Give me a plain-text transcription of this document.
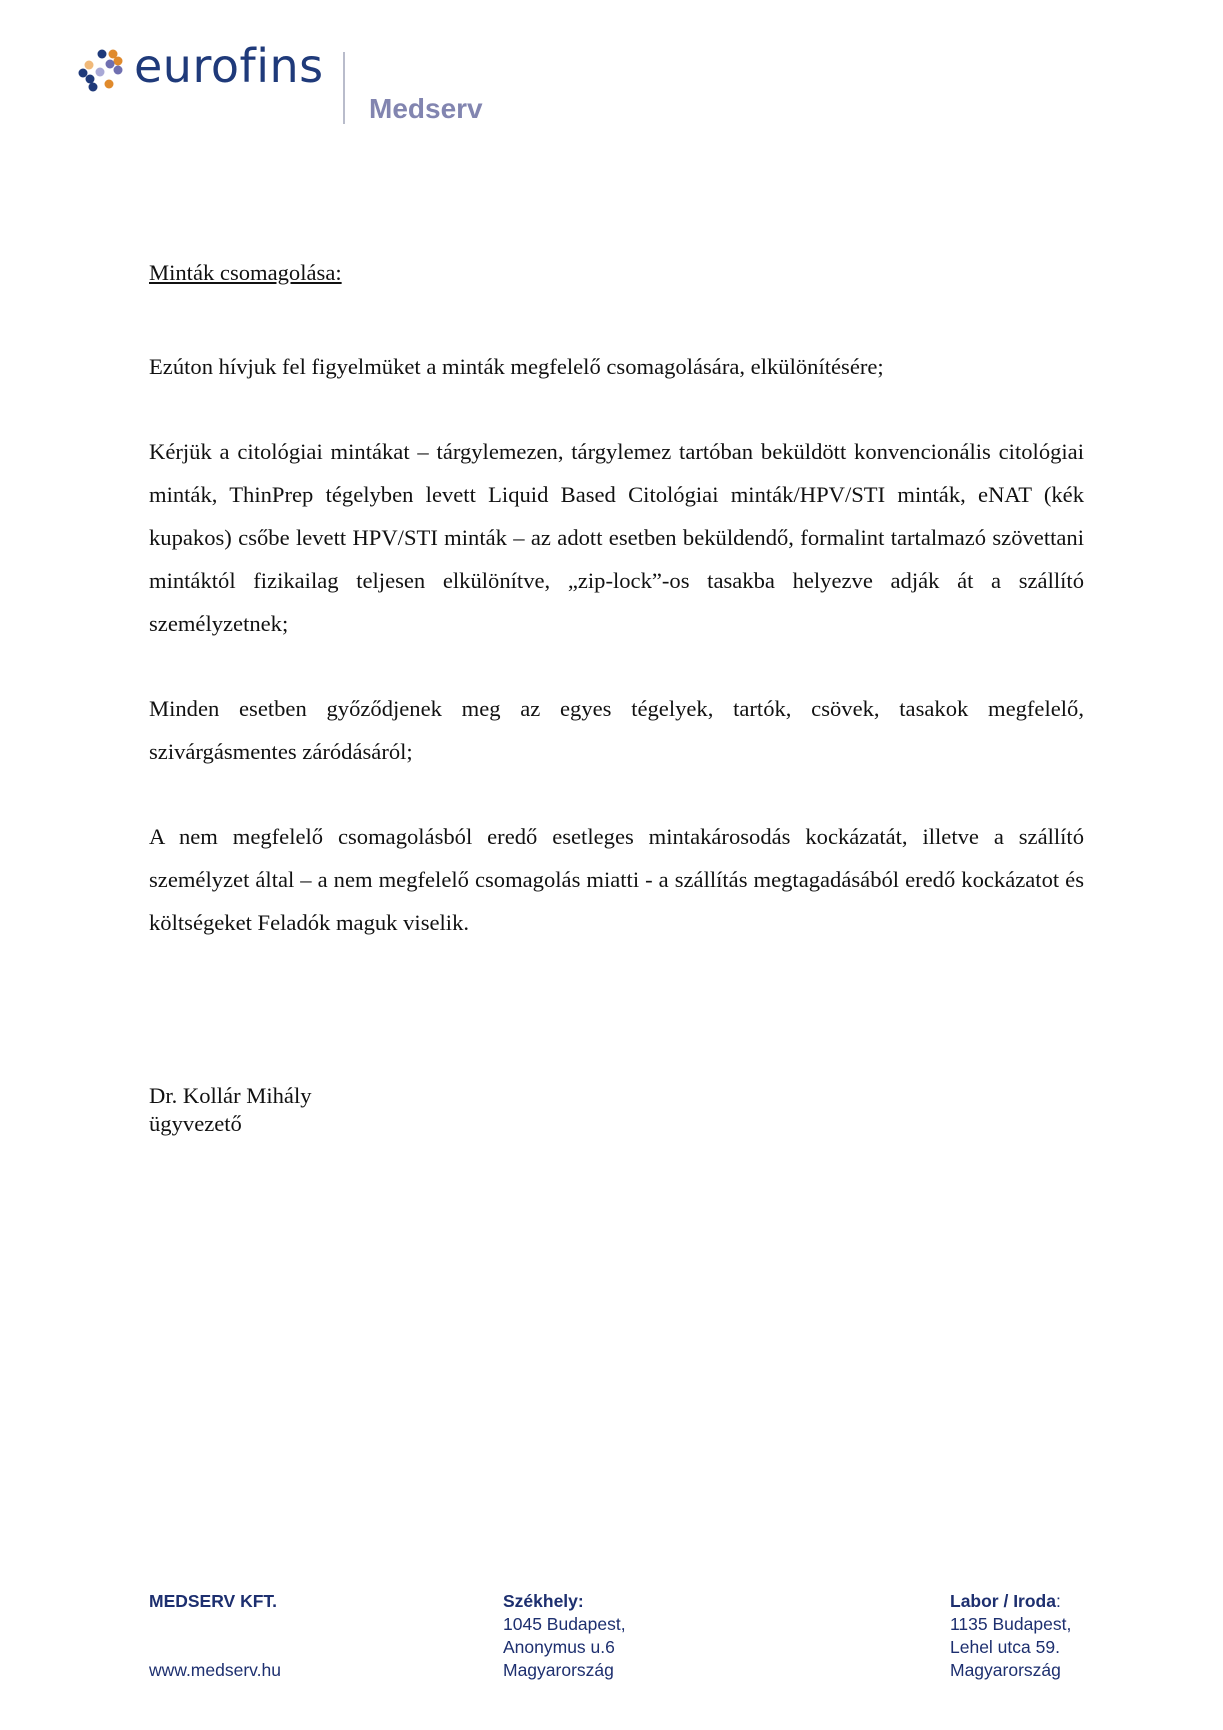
eurofins
Medserv

Minták csomagolása:

Ezúton hívjuk fel figyelmüket a minták megfelelő csomagolására, elkülönítésére;

Kérjük a citológiai mintákat – tárgylemezen, tárgylemez tartóban beküldött konvencionális citológiai minták, ThinPrep tégelyben levett Liquid Based Citológiai minták/HPV/STI minták, eNAT (kék kupakos) csőbe levett HPV/STI minták – az adott esetben beküldendő, formalint tartalmazó szövettani mintáktól fizikailag teljesen elkülönítve, „zip-lock”-os tasakba helyezve adják át a szállító személyzetnek;

Minden esetben győződjenek meg az egyes tégelyek, tartók, csövek, tasakok megfelelő, szivárgásmentes záródásáról;

A nem megfelelő csomagolásból eredő esetleges mintakárosodás kockázatát, illetve a szállító személyzet által – a nem megfelelő csomagolás miatti - a szállítás megtagadásából eredő kockázatot és költségeket Feladók maguk viselik.

Dr. Kollár Mihály
ügyvezető
MEDSERV KFT.
www.medserv.hu
Székhely:
1045 Budapest,
Anonymus u.6
Magyarország
Labor / Iroda:
1135 Budapest,
Lehel utca 59.
Magyarország
